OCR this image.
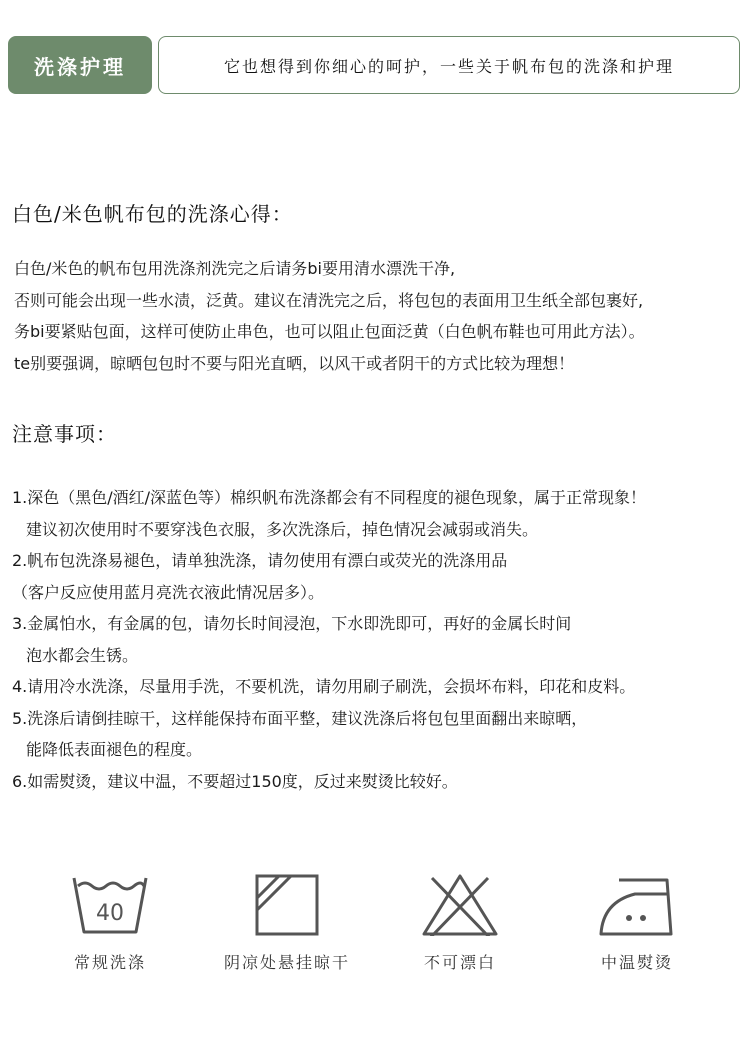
洗涤护理	它也想得到你细心的呵护，一些关于帆布包的洗涤和护理
白色/米色帆布包的洗涤心得：
白色/米色的帆布包用洗涤剂洗完之后请务bi要用清水漂洗干净,
否则可能会出现一些水渍，泛黄。建议在清洗完之后，将包包的表面用卫生纸全部包裹好,
务bi要紧贴包面，这样可使防止串色，也可以阻止包面泛黄（白色帆布鞋也可用此方法）。
te别要强调，晾晒包包时不要与阳光直晒，以风干或者阴干的方式比较为理想！
注意事项：
1.深色（黑色/酒红/深蓝色等）棉织帆布洗涤都会有不同程度的褪色现象，属于正常现象！
建议初次使用时不要穿浅色衣服，多次洗涤后，掉色情况会减弱或消失。
2.帆布包洗涤易褪色，请单独洗涤，请勿使用有漂白或荧光的洗涤用品
（客户反应使用蓝月亮洗衣液此情况居多）。
3.金属怕水，有金属的包，请勿长时间浸泡，下水即洗即可，再好的金属长时间
泡水都会生锈。
4.请用冷水洗涤，尽量用手洗，不要机洗，请勿用刷子刷洗，会损坏布料，印花和皮料。
5.洗涤后请倒挂晾干，这样能保持布面平整，建议洗涤后将包包里面翻出来晾晒，
能降低表面褪色的程度。
6.如需熨烫，建议中温，不要超过150度，反过来熨烫比较好。
40
常规洗涤	阴凉处悬挂晾干	不可漂白	中温熨烫
